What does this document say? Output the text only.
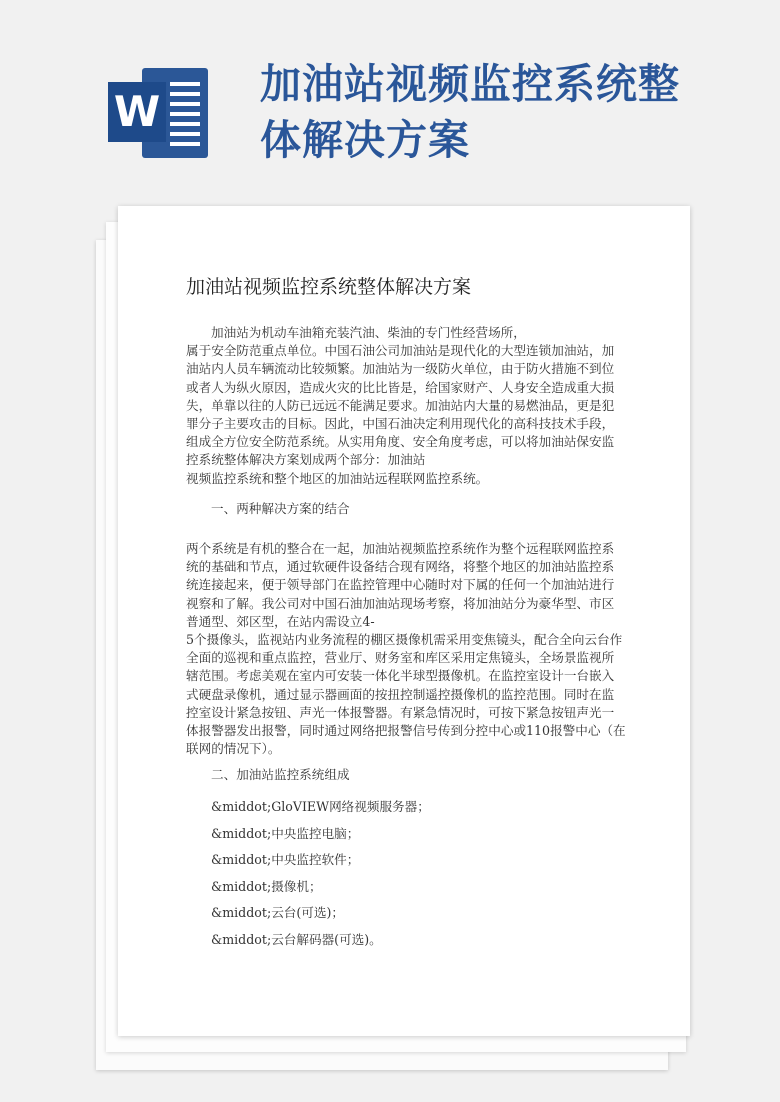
W
加油站视频监控系统整
体解决方案
加油站视频监控系统整体解决方案
加油站为机动车油箱充装汽油、柴油的专门性经营场所，
属于安全防范重点单位。中国石油公司加油站是现代化的大型连锁加油站，加
油站内人员车辆流动比较频繁。加油站为一级防火单位，由于防火措施不到位
或者人为纵火原因，造成火灾的比比皆是，给国家财产、人身安全造成重大损
失，单靠以往的人防已远远不能满足要求。加油站内大量的易燃油品，更是犯
罪分子主要攻击的目标。因此，中国石油决定利用现代化的高科技技术手段，
组成全方位安全防范系统。从实用角度、安全角度考虑，可以将加油站保安监
控系统整体解决方案划成两个部分：加油站
视频监控系统和整个地区的加油站远程联网监控系统。

一、两种解决方案的结合

两个系统是有机的整合在一起，加油站视频监控系统作为整个远程联网监控系
统的基础和节点，通过软硬件设备结合现有网络，将整个地区的加油站监控系
统连接起来，便于领导部门在监控管理中心随时对下属的任何一个加油站进行
视察和了解。我公司对中国石油加油站现场考察，将加油站分为豪华型、市区
普通型、郊区型，在站内需设立4-
5个摄像头，监视站内业务流程的棚区摄像机需采用变焦镜头，配合全向云台作
全面的巡视和重点监控，营业厅、财务室和库区采用定焦镜头，全场景监视所
辖范围。考虑美观在室内可安装一体化半球型摄像机。在监控室设计一台嵌入
式硬盘录像机，通过显示器画面的按扭控制遥控摄像机的监控范围。同时在监
控室设计紧急按钮、声光一体报警器。有紧急情况时，可按下紧急按钮声光一
体报警器发出报警，同时通过网络把报警信号传到分控中心或110报警中心（在
联网的情况下）。

二、加油站监控系统组成

&middot;GloVIEW网络视频服务器；
&middot;中央监控电脑；
&middot;中央监控软件；
&middot;摄像机；
&middot;云台(可选)；
&middot;云台解码器(可选)。
